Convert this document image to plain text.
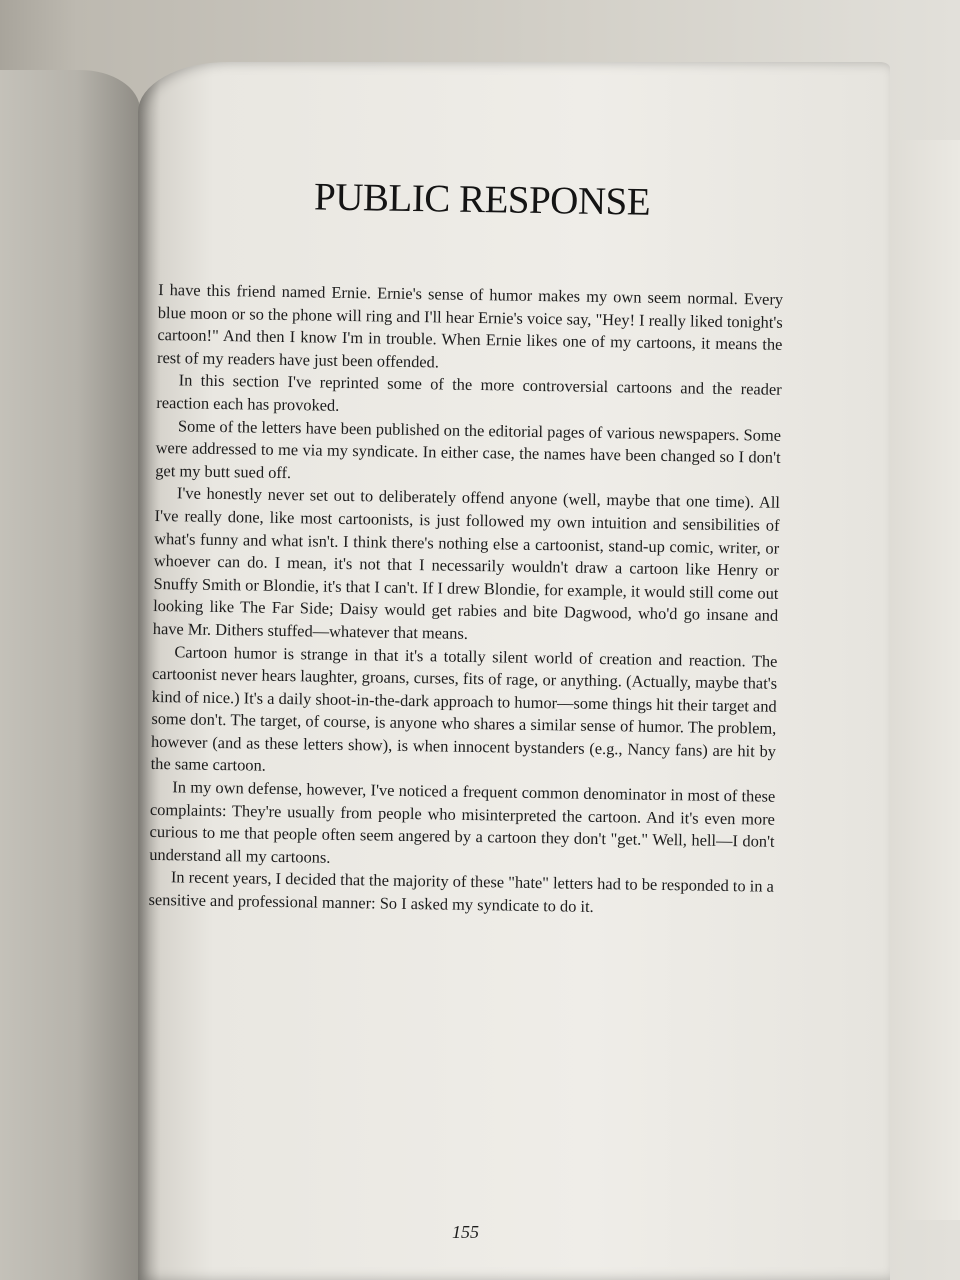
PUBLIC RESPONSE

I have this friend named Ernie. Ernie's sense of humor makes my own seem normal. Every blue moon or so the phone will ring and I'll hear Ernie's voice say, "Hey! I really liked tonight's cartoon!" And then I know I'm in trouble. When Ernie likes one of my cartoons, it means the rest of my readers have just been offended.

In this section I've reprinted some of the more controversial cartoons and the reader reaction each has provoked.

Some of the letters have been published on the editorial pages of various newspapers. Some were addressed to me via my syndicate. In either case, the names have been changed so I don't get my butt sued off.

I've honestly never set out to deliberately offend anyone (well, maybe that one time). All I've really done, like most cartoonists, is just followed my own intuition and sensibilities of what's funny and what isn't. I think there's nothing else a cartoonist, stand-up comic, writer, or whoever can do. I mean, it's not that I necessarily wouldn't draw a cartoon like Henry or Snuffy Smith or Blondie, it's that I can't. If I drew Blondie, for example, it would still come out looking like The Far Side; Daisy would get rabies and bite Dagwood, who'd go insane and have Mr. Dithers stuffed—whatever that means.

Cartoon humor is strange in that it's a totally silent world of creation and reaction. The cartoonist never hears laughter, groans, curses, fits of rage, or anything. (Actually, maybe that's kind of nice.) It's a daily shoot-in-the-dark approach to humor—some things hit their target and some don't. The target, of course, is anyone who shares a similar sense of humor. The problem, however (and as these letters show), is when innocent bystanders (e.g., Nancy fans) are hit by the same cartoon.

In my own defense, however, I've noticed a frequent common denominator in most of these complaints: They're usually from people who misinterpreted the cartoon. And it's even more curious to me that people often seem angered by a cartoon they don't "get." Well, hell—I don't understand all my cartoons.

In recent years, I decided that the majority of these "hate" letters had to be responded to in a sensitive and professional manner: So I asked my syndicate to do it.

155
